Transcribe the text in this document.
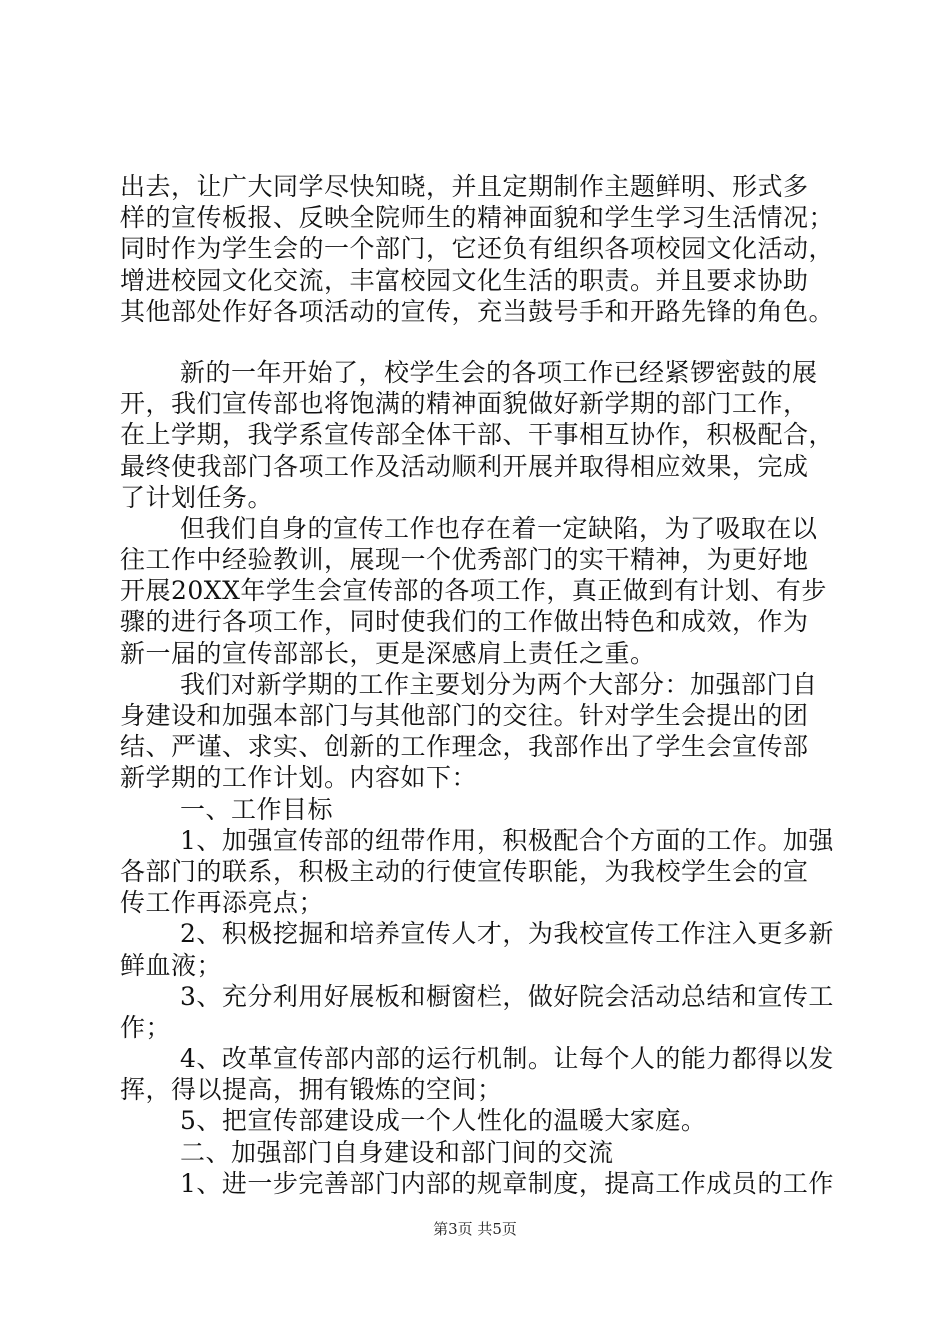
出去，让广大同学尽快知晓，并且定期制作主题鲜明、形式多
样的宣传板报、反映全院师生的精神面貌和学生学习生活情况；
同时作为学生会的一个部门，它还负有组织各项校园文化活动，
增进校园文化交流，丰富校园文化生活的职责。并且要求协助
其他部处作好各项活动的宣传，充当鼓号手和开路先锋的角色。
新的一年开始了，校学生会的各项工作已经紧锣密鼓的展
开，我们宣传部也将饱满的精神面貌做好新学期的部门工作，
在上学期，我学系宣传部全体干部、干事相互协作，积极配合，
最终使我部门各项工作及活动顺利开展并取得相应效果，完成
了计划任务。
但我们自身的宣传工作也存在着一定缺陷，为了吸取在以
往工作中经验教训，展现一个优秀部门的实干精神，为更好地
开展20XX年学生会宣传部的各项工作，真正做到有计划、有步
骤的进行各项工作，同时使我们的工作做出特色和成效，作为
新一届的宣传部部长，更是深感肩上责任之重。
我们对新学期的工作主要划分为两个大部分：加强部门自
身建设和加强本部门与其他部门的交往。针对学生会提出的团
结、严谨、求实、创新的工作理念，我部作出了学生会宣传部
新学期的工作计划。内容如下：
一、工作目标
1、加强宣传部的纽带作用，积极配合个方面的工作。加强
各部门的联系，积极主动的行使宣传职能，为我校学生会的宣
传工作再添亮点；
2、积极挖掘和培养宣传人才，为我校宣传工作注入更多新
鲜血液；
3、充分利用好展板和橱窗栏，做好院会活动总结和宣传工
作；
4、改革宣传部内部的运行机制。让每个人的能力都得以发
挥，得以提高，拥有锻炼的空间；
5、把宣传部建设成一个人性化的温暖大家庭。
二、加强部门自身建设和部门间的交流
1、进一步完善部门内部的规章制度，提高工作成员的工作
第3页 共5页
